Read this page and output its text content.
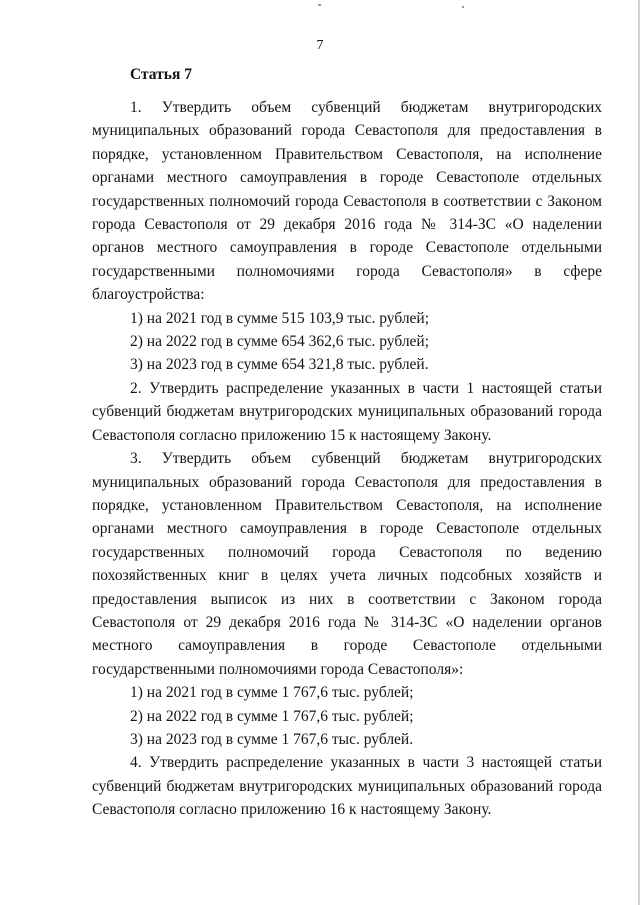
7
Статья 7

1. Утвердить объем субвенций бюджетам внутригородских муниципальных образований города Севастополя для предоставления в порядке, установленном Правительством Севастополя, на исполнение органами местного самоуправления в городе Севастополе отдельных государственных полномочий города Севастополя в соответствии с Законом города Севастополя от 29 декабря 2016 года № 314-ЗС «О наделении органов местного самоуправления в городе Севастополе отдельными государственными полномочиями города Севастополя» в сфере благоустройства:

1) на 2021 год в сумме 515 103,9 тыс. рублей;

2) на 2022 год в сумме 654 362,6 тыс. рублей;

3) на 2023 год в сумме 654 321,8 тыс. рублей.

2. Утвердить распределение указанных в части 1 настоящей статьи субвенций бюджетам внутригородских муниципальных образований города Севастополя согласно приложению 15 к настоящему Закону.

3. Утвердить объем субвенций бюджетам внутригородских муниципальных образований города Севастополя для предоставления в порядке, установленном Правительством Севастополя, на исполнение органами местного самоуправления в городе Севастополе отдельных государственных полномочий города Севастополя по ведению похозяйственных книг в целях учета личных подсобных хозяйств и предоставления выписок из них в соответствии с Законом города Севастополя от 29 декабря 2016 года № 314-ЗС «О наделении органов местного самоуправления в городе Севастополе отдельными государственными полномочиями города Севастополя»:

1) на 2021 год в сумме 1 767,6 тыс. рублей;

2) на 2022 год в сумме 1 767,6 тыс. рублей;

3) на 2023 год в сумме 1 767,6 тыс. рублей.

4. Утвердить распределение указанных в части 3 настоящей статьи субвенций бюджетам внутригородских муниципальных образований города Севастополя согласно приложению 16 к настоящему Закону.
